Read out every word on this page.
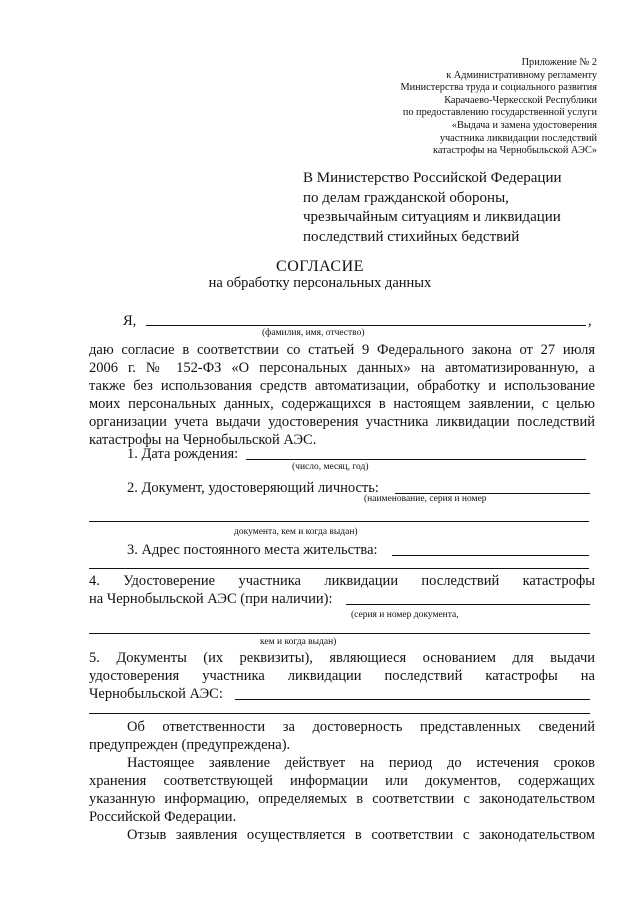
Приложение № 2
к Административному регламенту
Министерства труда и социального развития
Карачаево-Черкесской Республики
по предоставлению государственной услуги
«Выдача и замена удостоверения
участника ликвидации последствий
катастрофы на Чернобыльской АЭС»
В Министерство Российской Федерации
по делам гражданской обороны,
чрезвычайным ситуациям и ликвидации
последствий стихийных бедствий
СОГЛАСИЕ
на обработку персональных данных
Я,	,
(фамилия, имя, отчество)
даю согласие в соответствии со статьей 9 Федерального закона от 27 июля
2006 г. № 152-ФЗ «О персональных данных» на автоматизированную, а
также без использования средств автоматизации, обработку и использование
моих персональных данных, содержащихся в настоящем заявлении, с целью
организации учета выдачи удостоверения участника ликвидации последствий
катастрофы на Чернобыльской АЭС.
1. Дата рождения:
(число, месяц, год)
2. Документ, удостоверяющий личность:
(наименование, серия и номер
документа, кем и когда выдан)
3. Адрес постоянного места жительства:
4. Удостоверение участника ликвидации последствий катастрофы
на Чернобыльской АЭС (при наличии):
(серия и номер документа,
кем и когда выдан)
5. Документы (их реквизиты), являющиеся основанием для выдачи
удостоверения участника ликвидации последствий катастрофы на
Чернобыльской АЭС:
Об ответственности за достоверность представленных сведений
предупрежден (предупреждена).
Настоящее заявление действует на период до истечения сроков
хранения соответствующей информации или документов, содержащих
указанную информацию, определяемых в соответствии с законодательством
Российской Федерации.
Отзыв заявления осуществляется в соответствии с законодательством
